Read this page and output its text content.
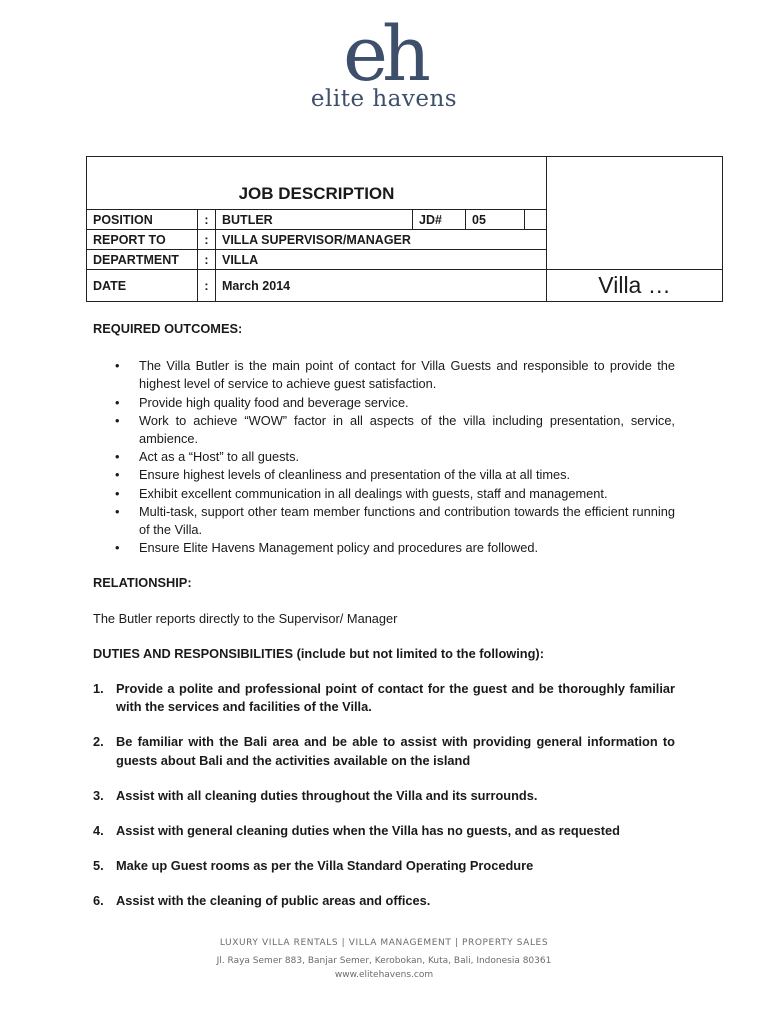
eh
elite havens
JOB DESCRIPTION						
POSITION	:	BUTLER	JD#	05		
REPORT TO	:	VILLA SUPERVISOR/MANAGER				
DEPARTMENT	:	VILLA				
DATE	:	March 2014				Villa …
REQUIRED OUTCOMES:
• The Villa Butler is the main point of contact for Villa Guests and responsible to provide the highest level of service to achieve guest satisfaction.
• Provide high quality food and beverage service.
• Work to achieve “WOW” factor in all aspects of the villa including presentation, service, ambience.
• Act as a “Host” to all guests.
• Ensure highest levels of cleanliness and presentation of the villa at all times.
• Exhibit excellent communication in all dealings with guests, staff and management.
• Multi-task, support other team member functions and contribution towards the efficient running of the Villa.
• Ensure Elite Havens Management policy and procedures are followed.
RELATIONSHIP:
The Butler reports directly to the Supervisor/ Manager
DUTIES AND RESPONSIBILITIES (include but not limited to the following):
1. Provide a polite and professional point of contact for the guest and be thoroughly familiar with the services and facilities of the Villa.
2. Be familiar with the Bali area and be able to assist with providing general information to guests about Bali and the activities available on the island
3. Assist with all cleaning duties throughout the Villa and its surrounds.
4. Assist with general cleaning duties when the Villa has no guests, and as requested
5. Make up Guest rooms as per the Villa Standard Operating Procedure
6. Assist with the cleaning of public areas and offices.
LUXURY VILLA RENTALS | VILLA MANAGEMENT | PROPERTY SALES
Jl. Raya Semer 883, Banjar Semer, Kerobokan, Kuta, Bali, Indonesia 80361
www.elitehavens.com
